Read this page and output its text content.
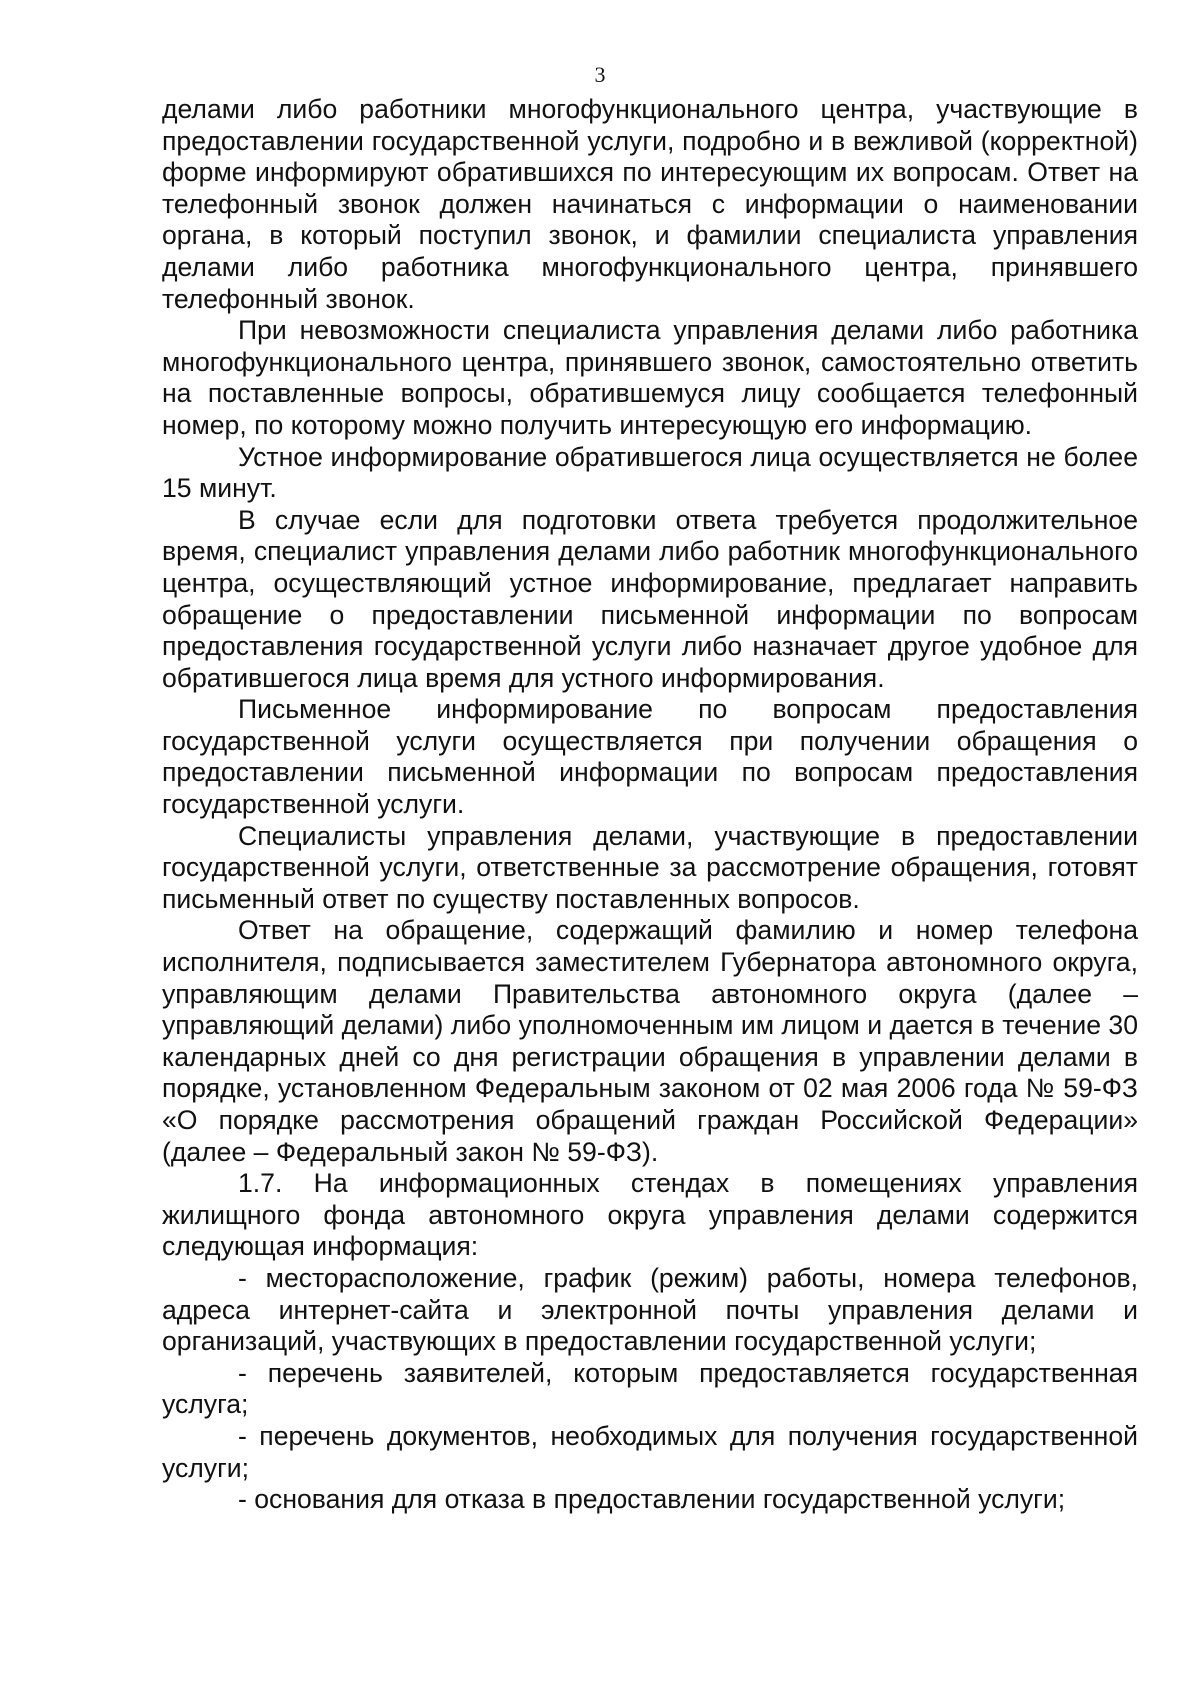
3

делами либо работники многофункционального центра, участвующие в предоставлении государственной услуги, подробно и в вежливой (корректной) форме информируют обратившихся по интересующим их вопросам. Ответ на телефонный звонок должен начинаться с информации о наименовании органа, в который поступил звонок, и фамилии специалиста управления делами либо работника многофункционального центра, принявшего телефонный звонок.

При невозможности специалиста управления делами либо работника многофункционального центра, принявшего звонок, самостоятельно ответить на поставленные вопросы, обратившемуся лицу сообщается телефонный номер, по которому можно получить интересующую его информацию.

Устное информирование обратившегося лица осуществляется не более 15 минут.

В случае если для подготовки ответа требуется продолжительное время, специалист управления делами либо работник многофункционального центра, осуществляющий устное информирование, предлагает направить обращение о предоставлении письменной информации по вопросам предоставления государственной услуги либо назначает другое удобное для обратившегося лица время для устного информирования.

Письменное информирование по вопросам предоставления государственной услуги осуществляется при получении обращения о предоставлении письменной информации по вопросам предоставления государственной услуги.

Специалисты управления делами, участвующие в предоставлении государственной услуги, ответственные за рассмотрение обращения, готовят письменный ответ по существу поставленных вопросов.

Ответ на обращение, содержащий фамилию и номер телефона исполнителя, подписывается заместителем Губернатора автономного округа, управляющим делами Правительства автономного округа (далее – управляющий делами) либо уполномоченным им лицом и дается в течение 30 календарных дней со дня регистрации обращения в управлении делами в порядке, установленном Федеральным законом от 02 мая 2006 года № 59-ФЗ «О порядке рассмотрения обращений граждан Российской Федерации» (далее – Федеральный закон № 59-ФЗ).

1.7. На информационных стендах в помещениях управления жилищного фонда автономного округа управления делами содержится следующая информация:

- месторасположение, график (режим) работы, номера телефонов, адреса интернет-сайта и электронной почты управления делами и организаций, участвующих в предоставлении государственной услуги;

- перечень заявителей, которым предоставляется государственная услуга;

- перечень документов, необходимых для получения государственной услуги;

- основания для отказа в предоставлении государственной услуги;
